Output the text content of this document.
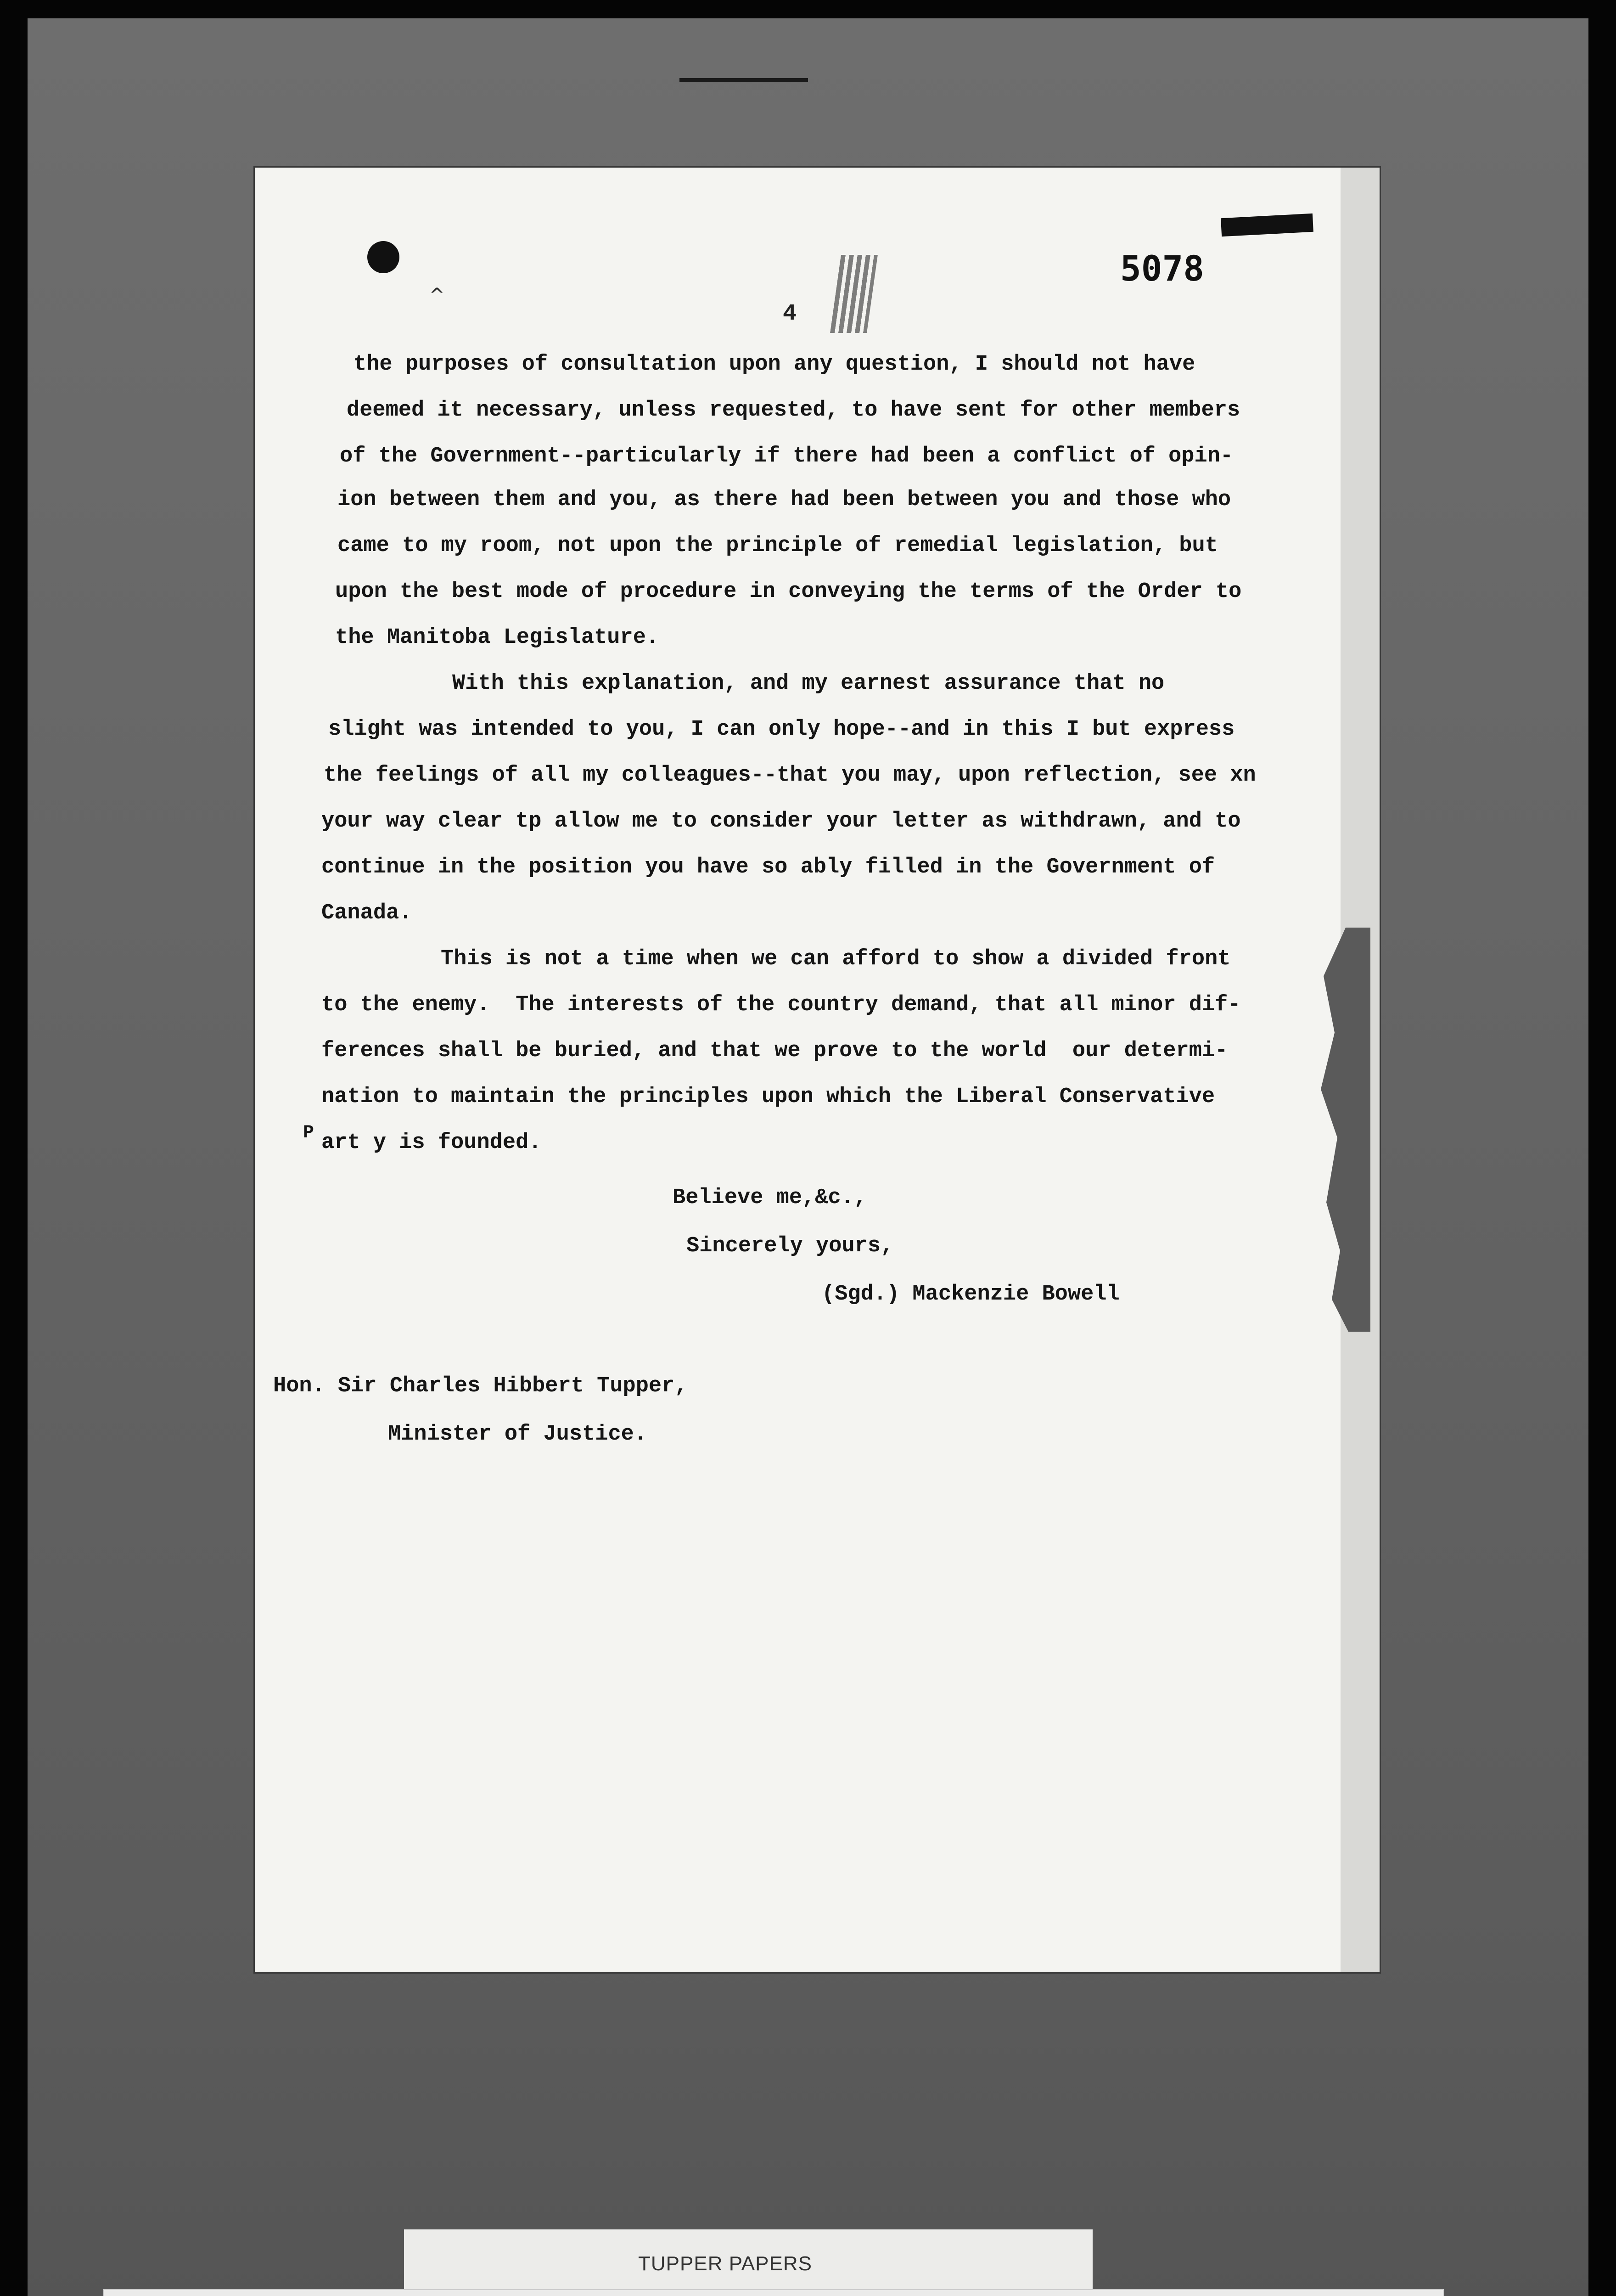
^
5078
4
the purposes of consultation upon any question, I should not have
deemed it necessary, unless requested, to have sent for other members
of the Government--particularly if there had been a conflict of opin-
ion between them and you, as there had been between you and those who
came to my room, not upon the principle of remedial legislation, but
upon the best mode of procedure in conveying the terms of the Order to
the Manitoba Legislature.
With this explanation, and my earnest assurance that no
slight was intended to you, I can only hope--and in this I but express
the feelings of all my colleagues--that you may, upon reflection, see xn
your way clear tp allow me to consider your letter as withdrawn, and to
continue in the position you have so ably filled in the Government of
Canada.
This is not a time when we can afford to show a divided front
to the enemy.  The interests of the country demand, that all minor dif-
ferences shall be buried, and that we prove to the world  our determi-
nation to maintain the principles upon which the Liberal Conservative
P art y is founded.
Believe me,&c.,
Sincerely yours,
(Sgd.) Mackenzie Bowell
Hon. Sir Charles Hibbert Tupper,
Minister of Justice.
TUPPER PAPERS
